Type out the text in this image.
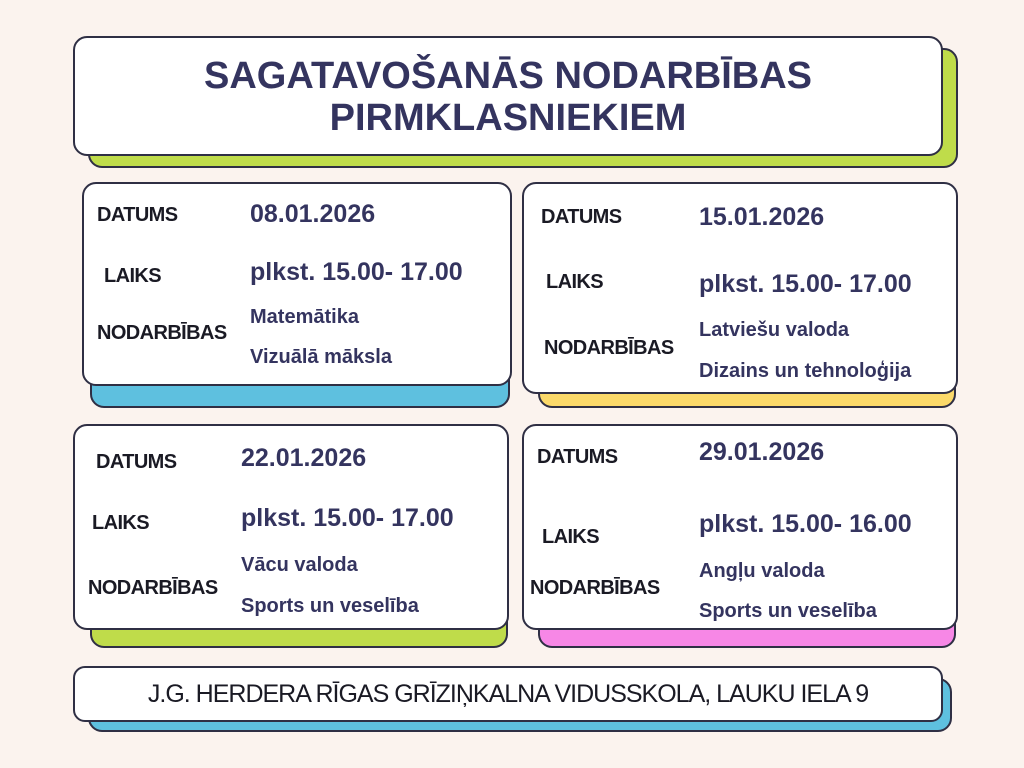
SAGATAVOŠANĀS NODARBĪBAS
PIRMKLASNIEKIEM
DATUMS	08.01.2026
LAIKS	plkst. 15.00- 17.00
NODARBĪBAS
Matemātika
Vizuālā māksla
DATUMS	15.01.2026
LAIKS	plkst. 15.00- 17.00
NODARBĪBAS
Latviešu valoda
Dizains un tehnoloģija
DATUMS	22.01.2026
LAIKS	plkst. 15.00- 17.00
NODARBĪBAS
Vācu valoda
Sports un veselība
DATUMS	29.01.2026
LAIKS	plkst. 15.00- 16.00
NODARBĪBAS
Angļu valoda
Sports un veselība
J.G. HERDERA RĪGAS GRĪZIŅKALNA VIDUSSKOLA, LAUKU IELA 9
